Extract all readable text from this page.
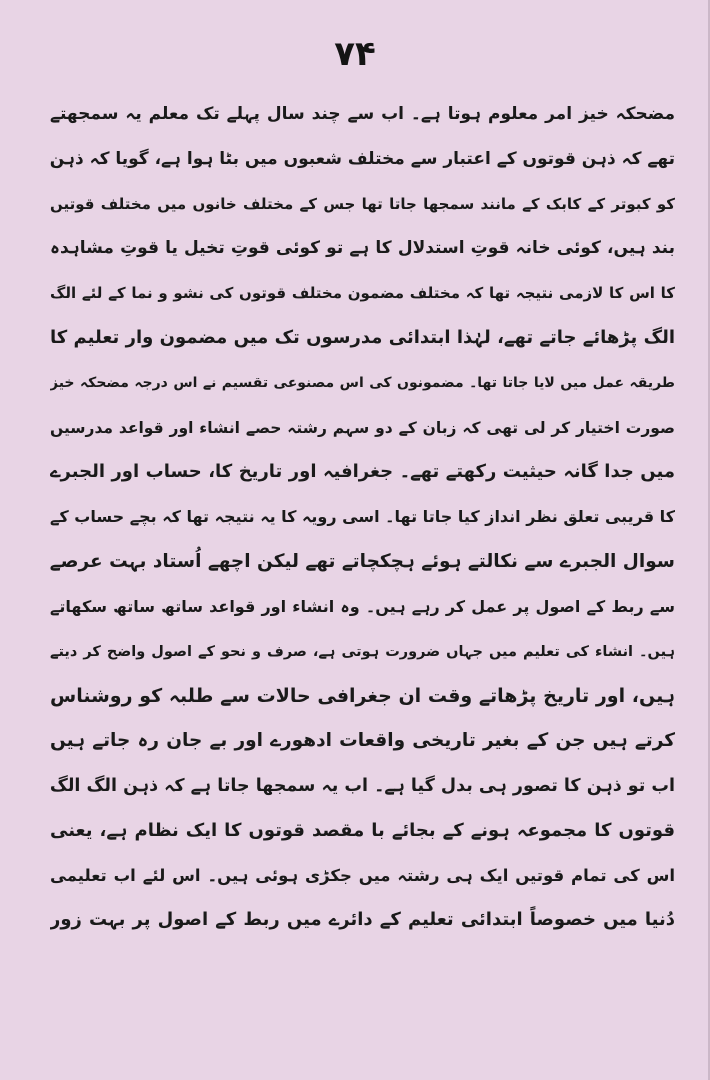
۷۴
مضحکہ خیز امر معلوم ہوتا ہے۔ اب سے چند سال پہلے تک معلم یہ سمجھتے
تھے کہ ذہن قوتوں کے اعتبار سے مختلف شعبوں میں بٹا ہوا ہے، گویا کہ ذہن
کو کبوتر کے کابک کے مانند سمجھا جاتا تھا جس کے مختلف خانوں میں مختلف قوتیں
بند ہیں، کوئی خانہ قوتِ استدلال کا ہے تو کوئی قوتِ تخیل یا قوتِ مشاہدہ
کا اس کا لازمی نتیجہ تھا کہ مختلف مضمون مختلف قوتوں کی نشو و نما کے لئے الگ
الگ پڑھائے جاتے تھے، لہٰذا ابتدائی مدرسوں تک میں مضمون وار تعلیم کا
طریقہ عمل میں لایا جاتا تھا۔ مضمونوں کی اس مصنوعی تقسیم نے اس درجہ مضحکہ خیز
صورت اختیار کر لی تھی کہ زبان کے دو سہم رشتہ حصے انشاء اور قواعد مدرسیں
میں جدا گانہ حیثیت رکھتے تھے۔ جغرافیہ اور تاریخ کا، حساب اور الجبرے
کا قریبی تعلق نظر انداز کیا جاتا تھا۔ اسی رویہ کا یہ نتیجہ تھا کہ بچے حساب کے
سوال الجبرے سے نکالتے ہوئے ہچکچاتے تھے لیکن اچھے اُستاد بہت عرصے
سے ربط کے اصول پر عمل کر رہے ہیں۔ وہ انشاء اور قواعد ساتھ ساتھ سکھاتے
ہیں۔ انشاء کی تعلیم میں جہاں ضرورت ہوتی ہے، صرف و نحو کے اصول واضح کر دیتے
ہیں، اور تاریخ پڑھاتے وقت ان جغرافی حالات سے طلبہ کو روشناس
کرتے ہیں جن کے بغیر تاریخی واقعات ادھورے اور بے جان رہ جاتے ہیں
اب تو ذہن کا تصور ہی بدل گیا ہے۔ اب یہ سمجھا جاتا ہے کہ ذہن الگ الگ
قوتوں کا مجموعہ ہونے کے بجائے با مقصد قوتوں کا ایک نظام ہے، یعنی
اس کی تمام قوتیں ایک ہی رشتہ میں جکڑی ہوئی ہیں۔ اس لئے اب تعلیمی
دُنیا میں خصوصاً ابتدائی تعلیم کے دائرے میں ربط کے اصول پر بہت زور
